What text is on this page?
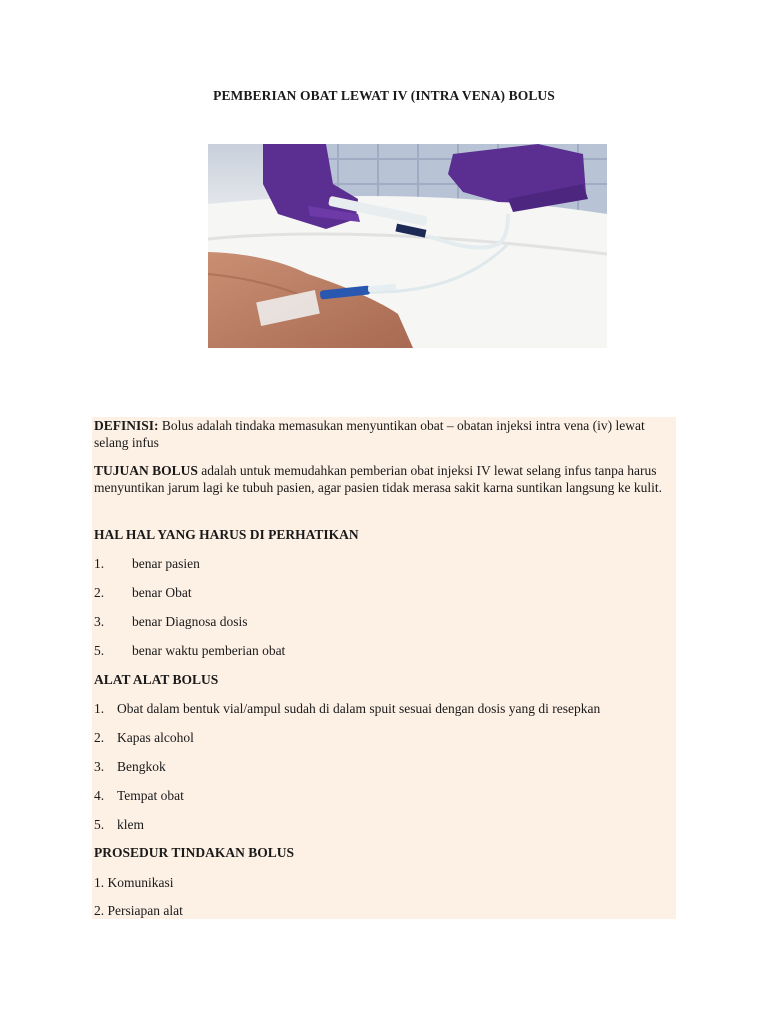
PEMBERIAN OBAT LEWAT IV (INTRA VENA) BOLUS
DEFINISI: Bolus adalah tindaka memasukan menyuntikan obat – obatan injeksi intra vena (iv) lewat selang infus
TUJUAN BOLUS adalah untuk memudahkan pemberian obat injeksi IV lewat selang infus tanpa harus menyuntikan jarum lagi ke tubuh pasien, agar pasien tidak merasa sakit karna suntikan langsung ke kulit.
HAL HAL YANG HARUS DI PERHATIKAN
1. benar pasien
2. benar Obat
3. benar Diagnosa dosis
5. benar waktu pemberian obat
ALAT ALAT BOLUS
1. Obat dalam bentuk vial/ampul sudah di dalam spuit sesuai dengan dosis yang di resepkan
2. Kapas alcohol
3. Bengkok
4. Tempat obat
5. klem
PROSEDUR TINDAKAN BOLUS
1. Komunikasi
2. Persiapan alat
